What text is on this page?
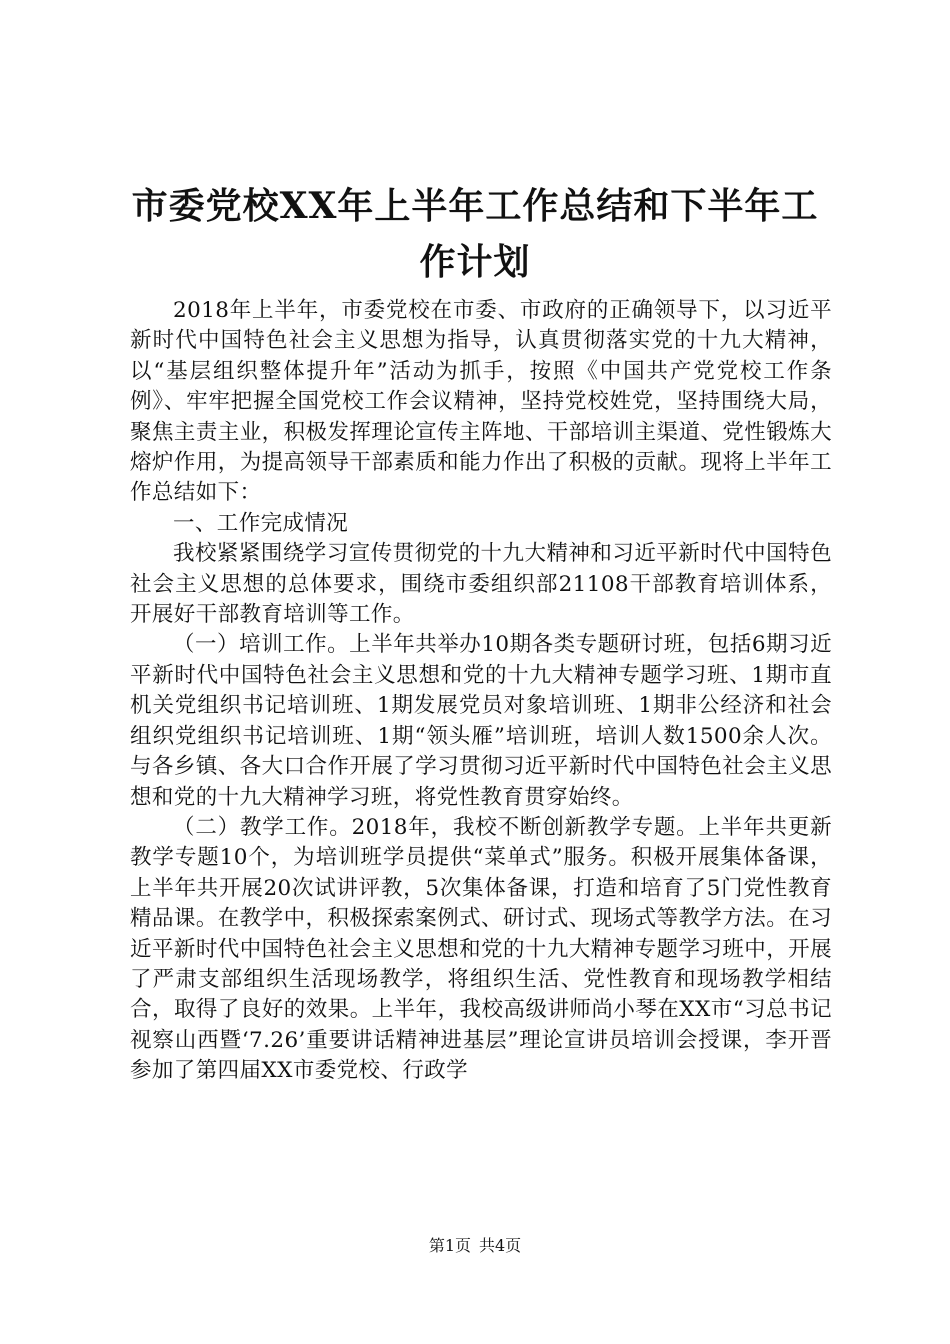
市委党校XX年上半年工作总结和下半年工作计划

2018年上半年，市委党校在市委、市政府的正确领导下，以习近平新时代中国特色社会主义思想为指导，认真贯彻落实党的十九大精神，以“基层组织整体提升年”活动为抓手，按照《中国共产党党校工作条例》、牢牢把握全国党校工作会议精神，坚持党校姓党，坚持围绕大局，聚焦主责主业，积极发挥理论宣传主阵地、干部培训主渠道、党性锻炼大熔炉作用，为提高领导干部素质和能力作出了积极的贡献。现将上半年工作总结如下：

一、工作完成情况

我校紧紧围绕学习宣传贯彻党的十九大精神和习近平新时代中国特色社会主义思想的总体要求，围绕市委组织部21108干部教育培训体系，开展好干部教育培训等工作。

（一）培训工作。上半年共举办10期各类专题研讨班，包括6期习近平新时代中国特色社会主义思想和党的十九大精神专题学习班、1期市直机关党组织书记培训班、1期发展党员对象培训班、1期非公经济和社会组织党组织书记培训班、1期“领头雁”培训班，培训人数1500余人次。与各乡镇、各大口合作开展了学习贯彻习近平新时代中国特色社会主义思想和党的十九大精神学习班，将党性教育贯穿始终。

（二）教学工作。2018年，我校不断创新教学专题。上半年共更新教学专题10个，为培训班学员提供“菜单式”服务。积极开展集体备课，上半年共开展20次试讲评教，5次集体备课，打造和培育了5门党性教育精品课。在教学中，积极探索案例式、研讨式、现场式等教学方法。在习近平新时代中国特色社会主义思想和党的十九大精神专题学习班中，开展了严肃支部组织生活现场教学，将组织生活、党性教育和现场教学相结合，取得了良好的效果。上半年，我校高级讲师尚小琴在XX市“习总书记视察山西暨‘7.26’重要讲话精神进基层”理论宣讲员培训会授课，李开晋参加了第四届XX市委党校、行政学

第1页 共4页
